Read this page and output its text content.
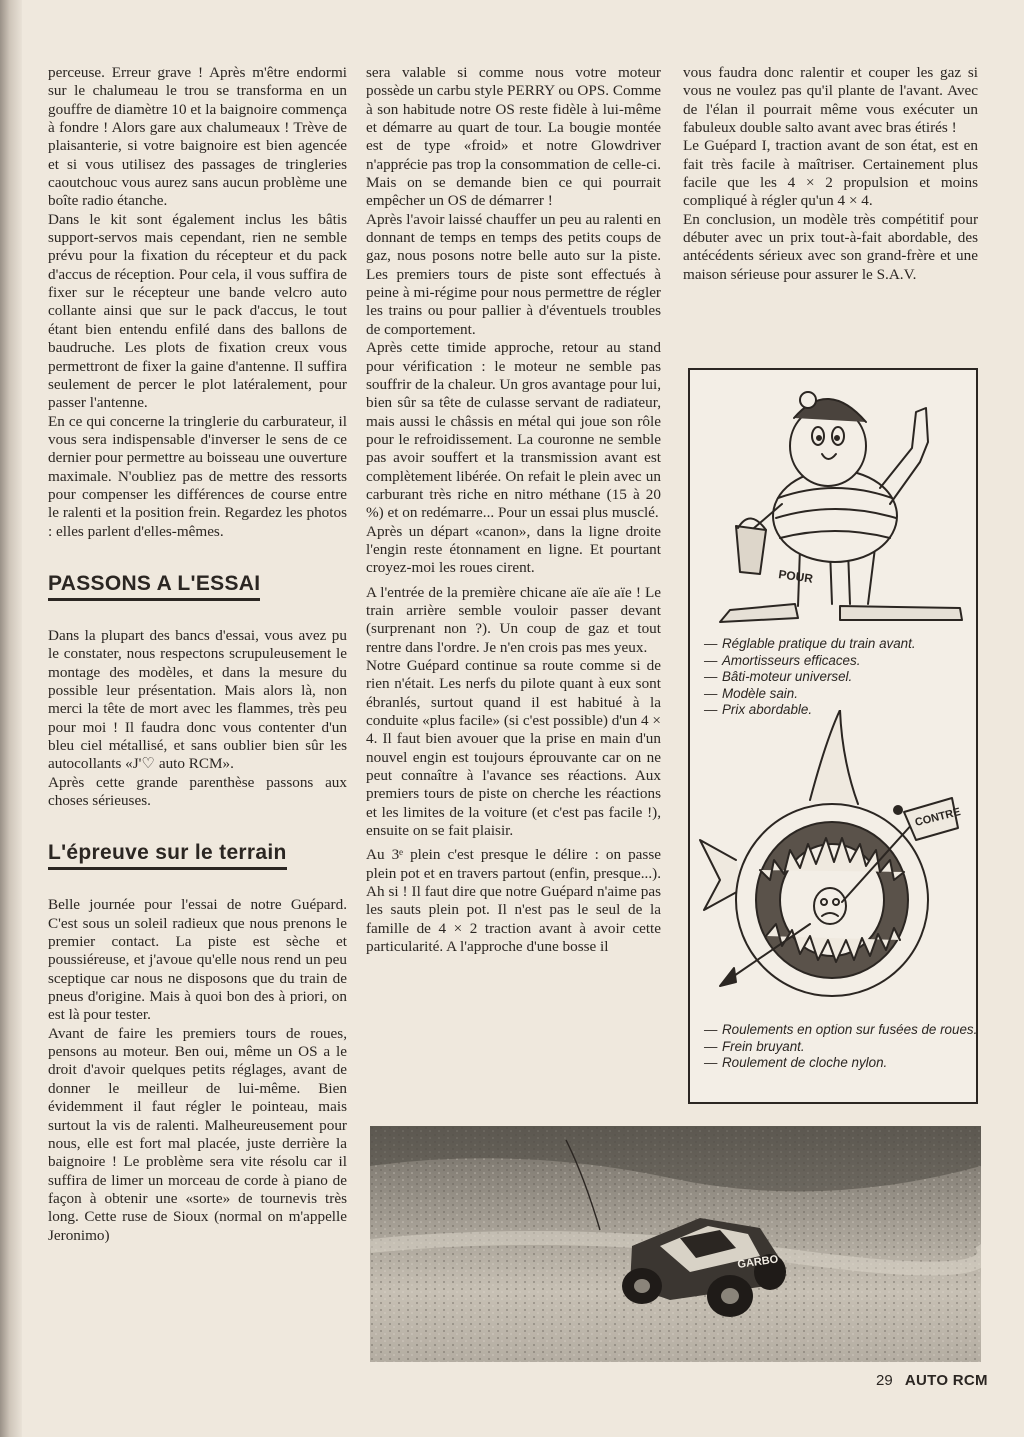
perceuse. Erreur grave ! Après m'être endormi sur le chalumeau le trou se transforma en un gouffre de diamètre 10 et la baignoire commença à fondre ! Alors gare aux chalumeaux ! Trève de plaisanterie, si votre baignoire est bien agencée et si vous utilisez des passages de tringleries caoutchouc vous aurez sans aucun problème une boîte radio étanche.

Dans le kit sont également inclus les bâtis support-servos mais cependant, rien ne semble prévu pour la fixation du récepteur et du pack d'accus de réception. Pour cela, il vous suffira de fixer sur le récepteur une bande velcro auto collante ainsi que sur le pack d'accus, le tout étant bien entendu enfilé dans des ballons de baudruche. Les plots de fixation creux vous permettront de fixer la gaine d'antenne. Il suffira seulement de percer le plot latéralement, pour passer l'antenne.

En ce qui concerne la tringlerie du carburateur, il vous sera indispensable d'inverser le sens de ce dernier pour permettre au boisseau une ouverture maximale. N'oubliez pas de mettre des ressorts pour compenser les différences de course entre le ralenti et la position frein. Regardez les photos : elles parlent d'elles-mêmes.

PASSONS A L'ESSAI

Dans la plupart des bancs d'essai, vous avez pu le constater, nous respectons scrupuleusement le montage des modèles, et dans la mesure du possible leur présentation. Mais alors là, non merci la tête de mort avec les flammes, très peu pour moi ! Il faudra donc vous contenter d'un bleu ciel métallisé, et sans oublier bien sûr les autocollants «J'♡ auto RCM».

Après cette grande parenthèse passons aux choses sérieuses.

L'épreuve sur le terrain

Belle journée pour l'essai de notre Guépard. C'est sous un soleil radieux que nous prenons le premier contact. La piste est sèche et poussiéreuse, et j'avoue qu'elle nous rend un peu sceptique car nous ne disposons que du train de pneus d'origine. Mais à quoi bon des à priori, on est là pour tester.

Avant de faire les premiers tours de roues, pensons au moteur. Ben oui, même un OS a le droit d'avoir quelques petits réglages, avant de donner le meilleur de lui-même. Bien évidemment il faut régler le pointeau, mais surtout la vis de ralenti. Malheureusement pour nous, elle est fort mal placée, juste derrière la baignoire ! Le problème sera vite résolu car il suffira de limer un morceau de corde à piano de façon à obtenir une «sorte» de tournevis très long. Cette ruse de Sioux (normal on m'appelle Jeronimo)

sera valable si comme nous votre moteur possède un carbu style PERRY ou OPS. Comme à son habitude notre OS reste fidèle à lui-même et démarre au quart de tour. La bougie montée est de type «froid» et notre Glowdriver n'apprécie pas trop la consommation de celle-ci. Mais on se demande bien ce qui pourrait empêcher un OS de démarrer !

Après l'avoir laissé chauffer un peu au ralenti en donnant de temps en temps des petits coups de gaz, nous posons notre belle auto sur la piste. Les premiers tours de piste sont effectués à peine à mi-régime pour nous permettre de régler les trains ou pour pallier à d'éventuels troubles de comportement.

Après cette timide approche, retour au stand pour vérification : le moteur ne semble pas souffrir de la chaleur. Un gros avantage pour lui, bien sûr sa tête de culasse servant de radiateur, mais aussi le châssis en métal qui joue son rôle pour le refroidissement. La couronne ne semble pas avoir souffert et la transmission avant est complètement libérée. On refait le plein avec un carburant très riche en nitro méthane (15 à 20 %) et on redémarre... Pour un essai plus musclé.

Après un départ «canon», dans la ligne droite l'engin reste étonnament en ligne. Et pourtant croyez-moi les roues cirent.

A l'entrée de la première chicane aïe aïe aïe ! Le train arrière semble vouloir passer devant (surprenant non ?). Un coup de gaz et tout rentre dans l'ordre. Je n'en crois pas mes yeux.

Notre Guépard continue sa route comme si de rien n'était. Les nerfs du pilote quant à eux sont ébranlés, surtout quand il est habitué à la conduite «plus facile» (si c'est possible) d'un 4 × 4. Il faut bien avouer que la prise en main d'un nouvel engin est toujours éprouvante car on ne peut connaître à l'avance ses réactions. Aux premiers tours de piste on cherche les réactions et les limites de la voiture (et c'est pas facile !), ensuite on se fait plaisir.

Au 3ᵉ plein c'est presque le délire : on passe plein pot et en travers partout (enfin, presque...). Ah si ! Il faut dire que notre Guépard n'aime pas les sauts plein pot. Il n'est pas le seul de la famille de 4 × 2 traction avant à avoir cette particularité. A l'approche d'une bosse il

vous faudra donc ralentir et couper les gaz si vous ne voulez pas qu'il plante de l'avant. Avec de l'élan il pourrait même vous exécuter un fabuleux double salto avant avec bras étirés !

Le Guépard I, traction avant de son état, est en fait très facile à maîtriser. Certainement plus facile que les 4 × 2 propulsion et moins compliqué à régler qu'un 4 × 4.

En conclusion, un modèle très compétitif pour débuter avec un prix tout-à-fait abordable, des antécédents sérieux avec son grand-frère et une maison sérieuse pour assurer le S.A.V.

POUR
— Réglable pratique du train avant.
— Amortisseurs efficaces.
— Bâti-moteur universel.
— Modèle sain.
— Prix abordable.
CONTRE
— Roulements en option sur fusées de roues.
— Frein bruyant.
— Roulement de cloche nylon.
GARBO
29 AUTO RCM
